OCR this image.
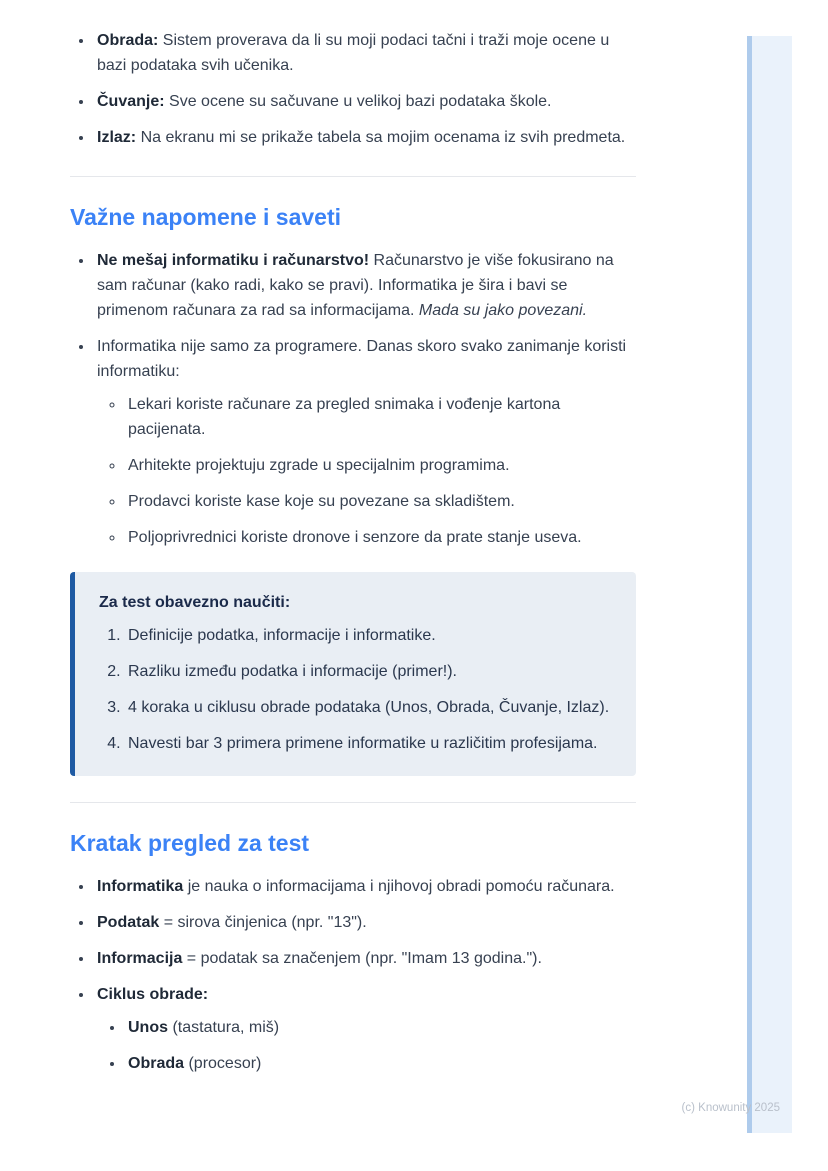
• Obrada: Sistem proverava da li su moji podaci tačni i traži moje ocene u bazi podataka svih učenika.
• Čuvanje: Sve ocene su sačuvane u velikoj bazi podataka škole.
• Izlaz: Na ekranu mi se prikaže tabela sa mojim ocenama iz svih predmeta.
Važne napomene i saveti
• Ne mešaj informatiku i računarstvo! Računarstvo je više fokusirano na sam računar (kako radi, kako se pravi). Informatika je šira i bavi se primenom računara za rad sa informacijama. Mada su jako povezani.
• Informatika nije samo za programere. Danas skoro svako zanimanje koristi informatiku:
◦ Lekari koriste računare za pregled snimaka i vođenje kartona pacijenata.
◦ Arhitekte projektuju zgrade u specijalnim programima.
◦ Prodavci koriste kase koje su povezane sa skladištem.
◦ Poljoprivrednici koriste dronove i senzore da prate stanje useva.

Za test obavezno naučiti:

1. Definicije podatka, informacije i informatike.
2. Razliku između podatka i informacije (primer!).
3. 4 koraka u ciklusu obrade podataka (Unos, Obrada, Čuvanje, Izlaz).
4. Navesti bar 3 primera primene informatike u različitim profesijama.
Kratak pregled za test
• Informatika je nauka o informacijama i njihovoj obradi pomoću računara.
• Podatak = sirova činjenica (npr. "13").
• Informacija = podatak sa značenjem (npr. "Imam 13 godina.").
• Ciklus obrade:
• Unos (tastatura, miš)
• Obrada (procesor)
(c) Knowunity 2025
